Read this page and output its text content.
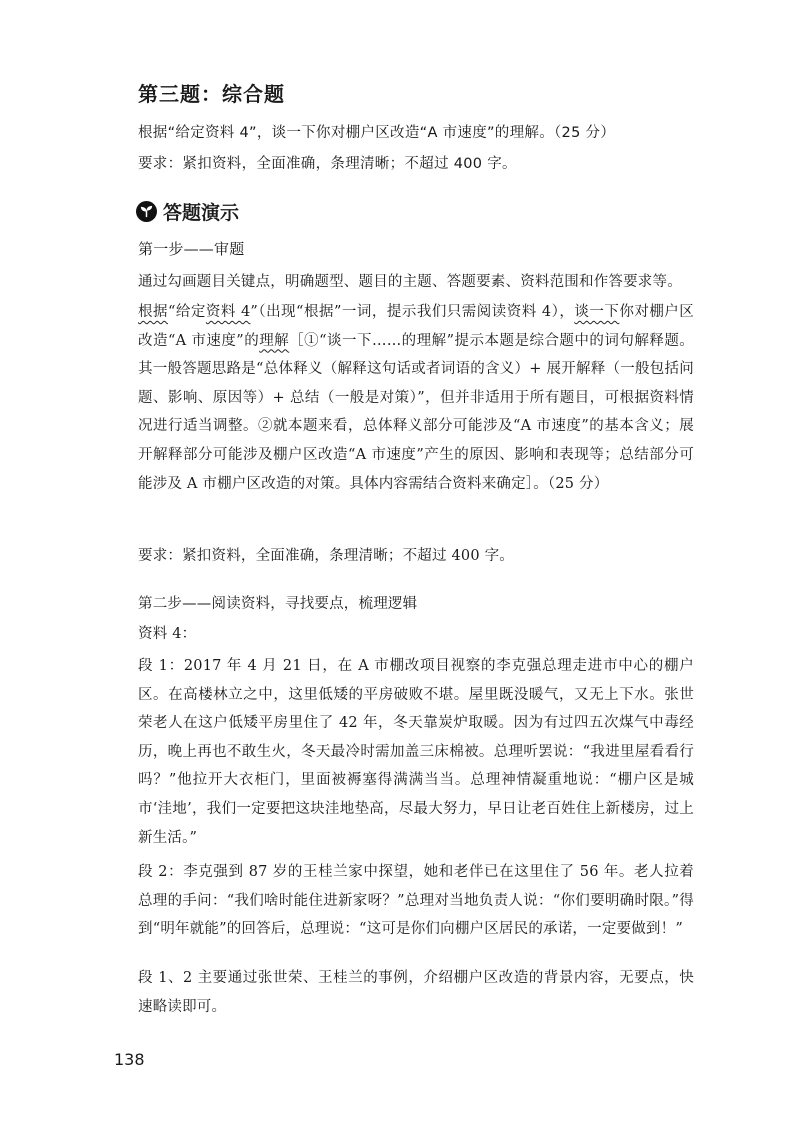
第三题：综合题

根据“给定资料 4”，谈一下你对棚户区改造“A 市速度”的理解。（25 分）

要求：紧扣资料，全面准确，条理清晰；不超过 400 字。

答题演示

第一步——审题

通过勾画题目关键点，明确题型、题目的主题、答题要素、资料范围和作答要求等。

根据“给定资料 4”（出现“根据”一词，提示我们只需阅读资料 4），谈一下你对棚户区改造“A 市速度”的理解［①“谈一下……的理解”提示本题是综合题中的词句解释题。其一般答题思路是“总体释义（解释这句话或者词语的含义）+ 展开解释（一般包括问题、影响、原因等）+ 总结（一般是对策）”，但并非适用于所有题目，可根据资料情况进行适当调整。②就本题来看，总体释义部分可能涉及“A 市速度”的基本含义；展开解释部分可能涉及棚户区改造“A 市速度”产生的原因、影响和表现等；总结部分可能涉及 A 市棚户区改造的对策。具体内容需结合资料来确定］。（25 分）

要求：紧扣资料，全面准确，条理清晰；不超过 400 字。

第二步——阅读资料，寻找要点，梳理逻辑

资料 4：

段 1：2017 年 4 月 21 日，在 A 市棚改项目视察的李克强总理走进市中心的棚户区。在高楼林立之中，这里低矮的平房破败不堪。屋里既没暖气，又无上下水。张世荣老人在这户低矮平房里住了 42 年，冬天靠炭炉取暖。因为有过四五次煤气中毒经历，晚上再也不敢生火，冬天最冷时需加盖三床棉被。总理听罢说：“我进里屋看看行吗？”他拉开大衣柜门，里面被褥塞得满满当当。总理神情凝重地说：“棚户区是城市‘洼地’，我们一定要把这块洼地垫高，尽最大努力，早日让老百姓住上新楼房，过上新生活。”

段 2：李克强到 87 岁的王桂兰家中探望，她和老伴已在这里住了 56 年。老人拉着总理的手问：“我们啥时能住进新家呀？”总理对当地负责人说：“你们要明确时限。”得到“明年就能”的回答后，总理说：“这可是你们向棚户区居民的承诺，一定要做到！”

段 1、2 主要通过张世荣、王桂兰的事例，介绍棚户区改造的背景内容，无要点，快速略读即可。

138
